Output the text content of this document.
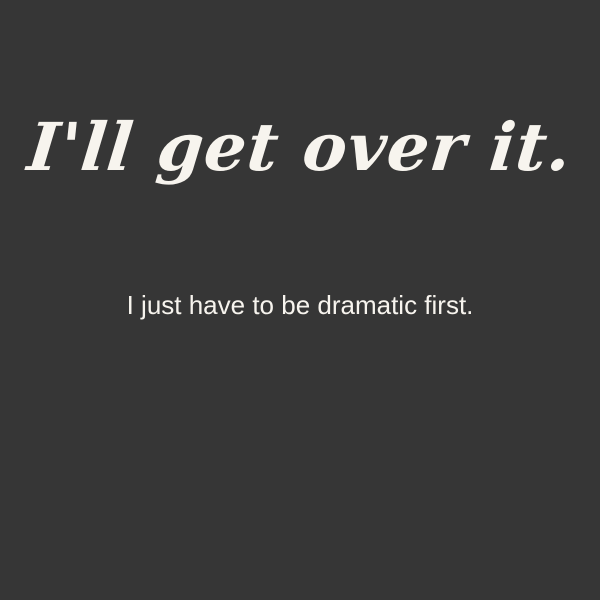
I'll get over it.
I just have to be dramatic first.
